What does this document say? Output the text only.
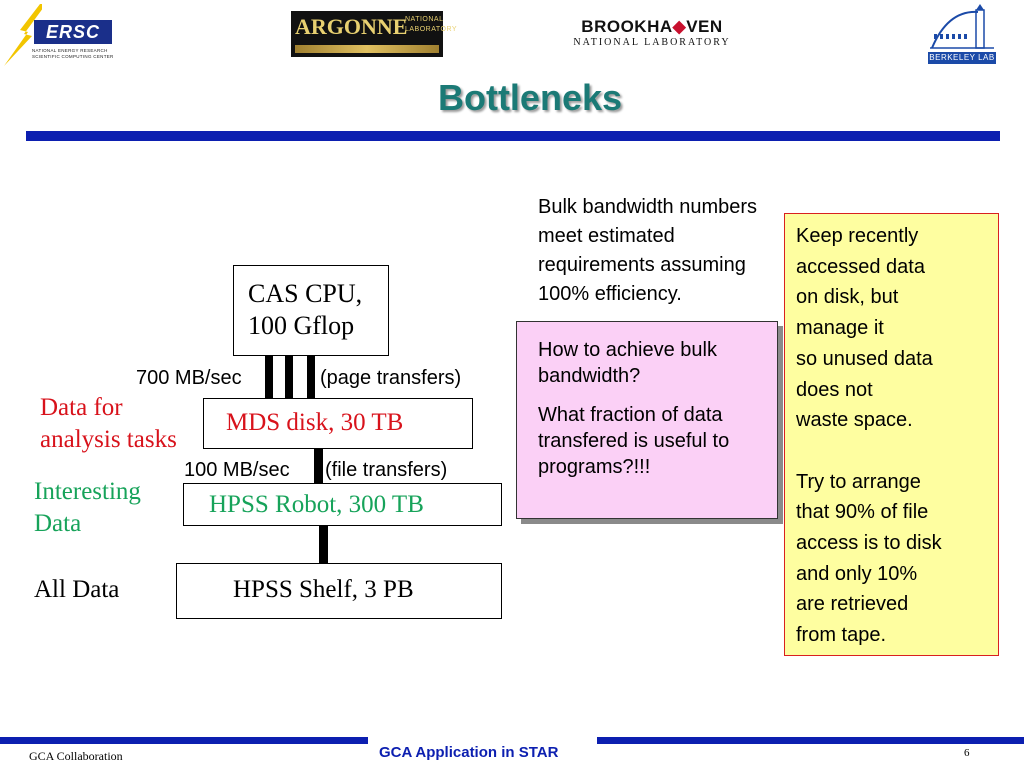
ERSC
NATIONAL ENERGY RESEARCH SCIENTIFIC COMPUTING CENTER
ARGONNE
NATIONAL LABORATORY	BROOKHA◆VEN
NATIONAL LABORATORY
BERKELEY LAB
Bottleneks
CAS CPU,
100 Gflop
700 MB/sec	(page transfers)
MDS disk, 30 TB
100 MB/sec (file transfers)
HPSS Robot, 300 TB
HPSS Shelf, 3 PB
Data for
analysis tasks
Interesting
Data
All Data
Bulk bandwidth numbers
meet estimated
requirements assuming
100% efficiency.

How to achieve bulk
bandwidth?

What fraction of data
transfered is useful to
programs?!!!

Keep recently
accessed data
on disk, but
manage it
so unused data
does not
waste space.

Try to arrange
that 90% of file
access is to disk
and only 10%
are retrieved
from tape.

GCA Collaboration	GCA Application in STAR	6
